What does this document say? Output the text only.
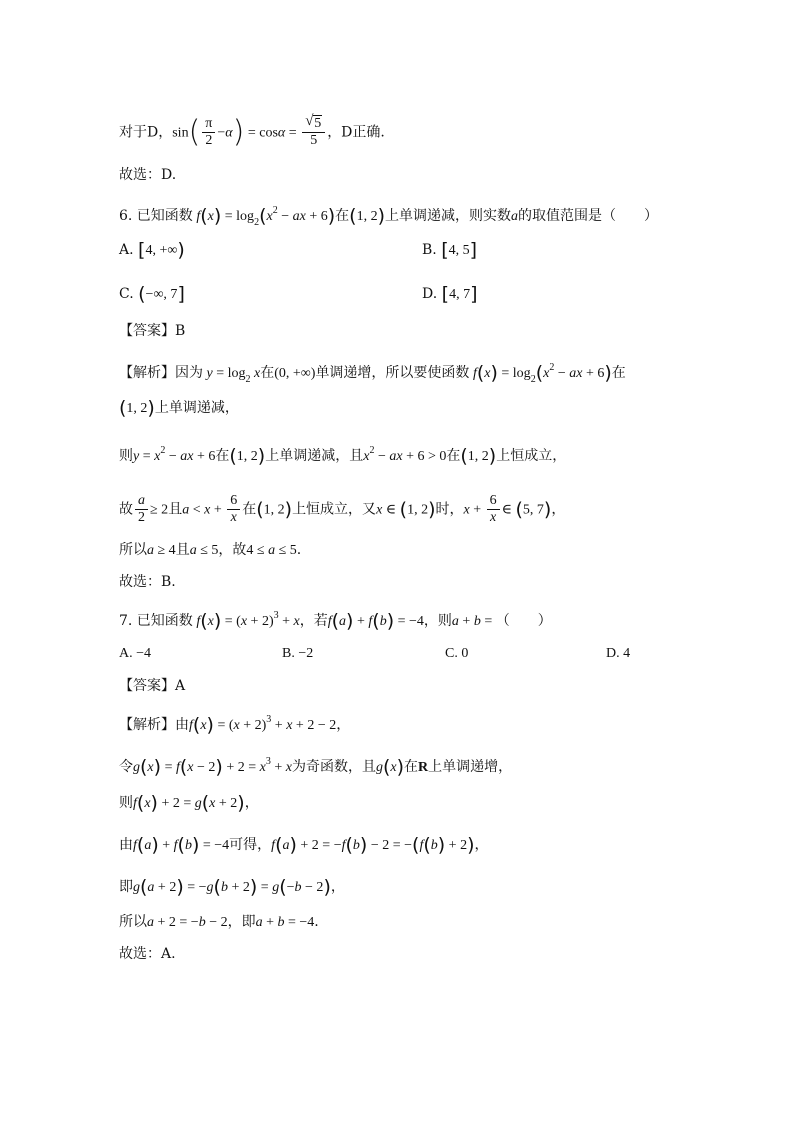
对于D，$\sin( \frac{\pi}{2} -\alpha) = \cos\alpha = \frac{√ 5}{5}$ ，D正确.
故选：D.
6. 已知函数 $f(x) = \log_2(x^2$ − ax + 6)在(1, 2)上单调递减，则实数a的取值范围是（　　）
A. [4, +∞)	B. [4, 5]
C. (−∞, 7]	D. [4, 7]
【答案】B
【解析】因为 $y = \log_2 x$在(0, +∞)单调递增，所以要使函数 $f(x) = \log_2(x^2$ − ax + 6)在
(1, 2)上单调递减，
则$y = x^2$ − ax + 6在(1, 2)上单调递减，且$x^2$ − ax + 6 > 0在(1, 2)上恒成立，
故 $\frac{a}{2} \ge 2$且$a < x + \frac{6}{x}$ 在(1, 2)上恒成立，又x ∈ (1, 2)时，$x + \frac{6}{x}$ ∈ (5, 7)，
所以a ≥ 4且a ≤ 5，故4 ≤ a ≤ 5.
故选：B.
7. 已知函数 $f(x) = (x + 2)^3 + x$，若f(a) + f(b) = −4，则a + b = （　　）
A. −4	B. −2	C. 0	D. 4
【答案】A
【解析】由$f(x) = (x + 2)^3 + x + 2 - 2$，
令$g(x) = f(x - 2) + 2 = x^3 + x$为奇函数，且g(x)在R上单调递增，
则f(x) + 2 = g(x + 2)，
由f(a) + f(b) = −4可得，f(a) + 2 = −f(b) − 2 = −(f(b) + 2)，
即g(a + 2) = −g(b + 2) = g(−b − 2)，
所以a + 2 = −b − 2，即a + b = −4.
故选：A.
